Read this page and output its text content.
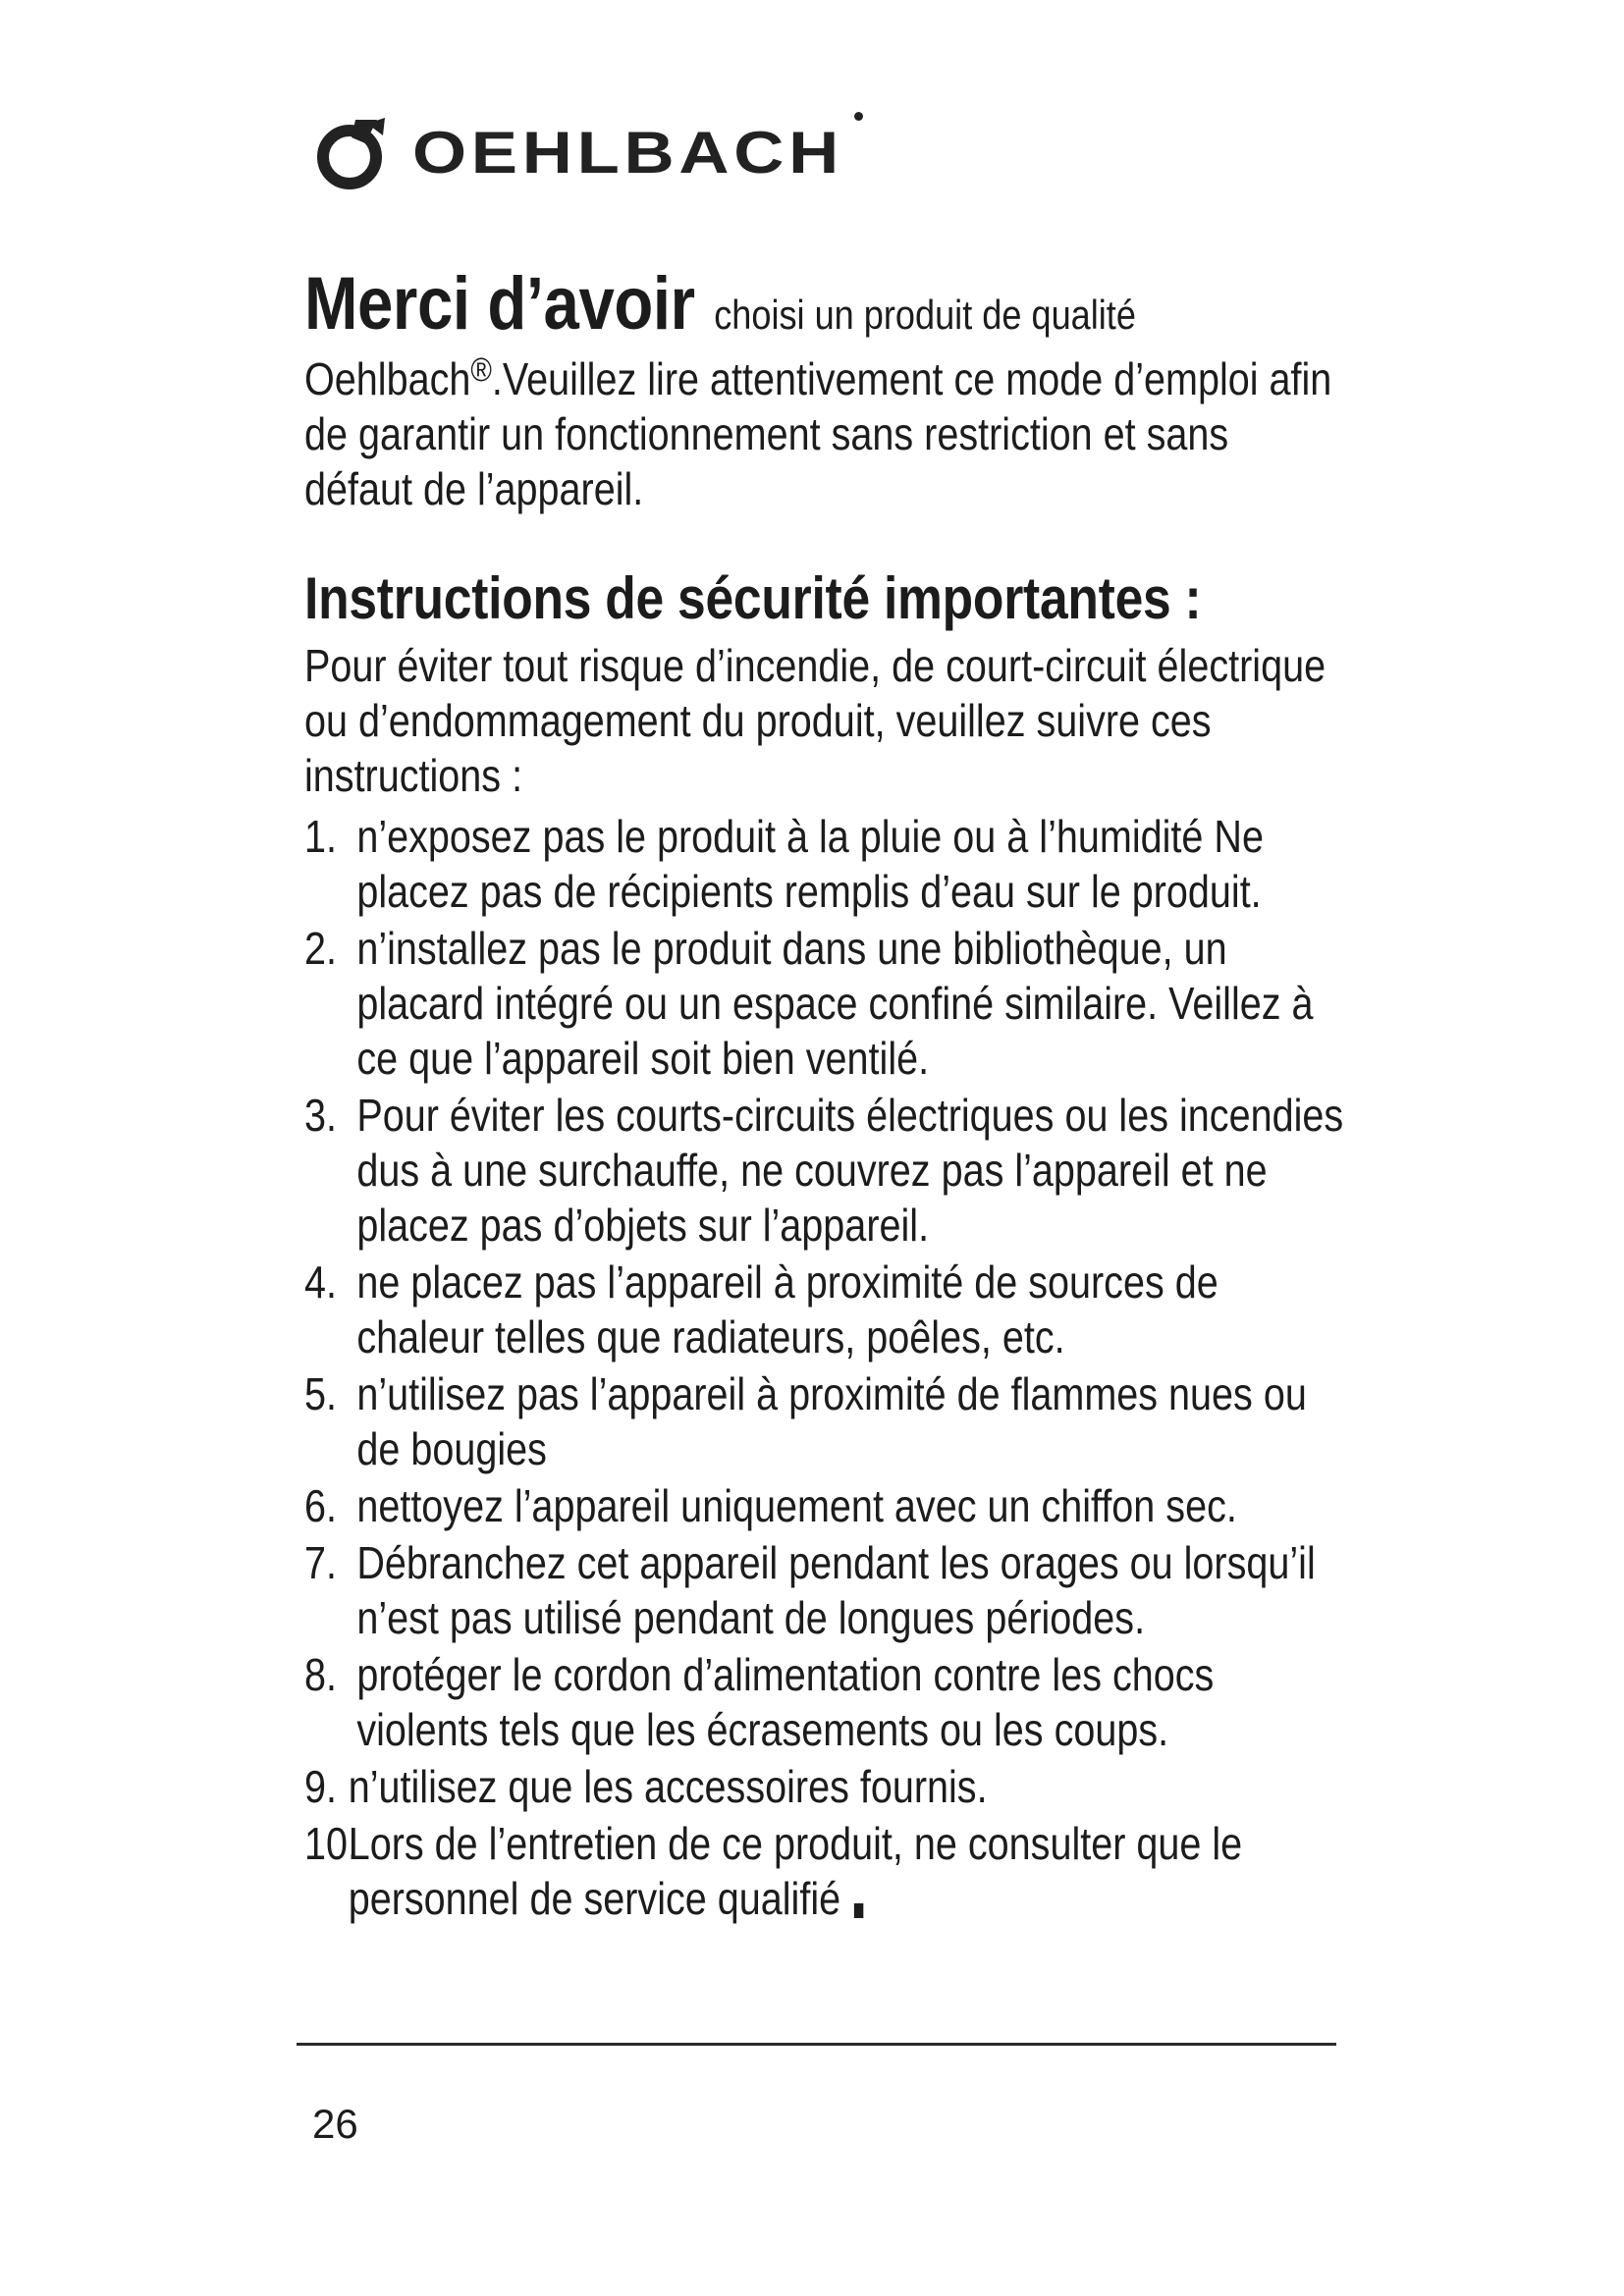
OEHLBACH

Merci d’avoir choisi un produit de qualité
Oehlbach®.Veuillez lire attentivement ce mode d’emploi afin de garantir un fonctionnement sans restriction et sans défaut de l’appareil.

Instructions de sécurité importantes :

Pour éviter tout risque d’incendie, de court-circuit électrique ou d’endommagement du produit, veuillez suivre ces instructions :

1. n’exposez pas le produit à la pluie ou à l’humidité Ne placez pas de récipients remplis d’eau sur le produit.
2. n’installez pas le produit dans une bibliothèque, un placard intégré ou un espace confiné similaire. Veillez à ce que l’appareil soit bien ventilé.
3. Pour éviter les courts-circuits électriques ou les incendies dus à une surchauffe, ne couvrez pas l’appareil et ne placez pas d’objets sur l’appareil.
4. ne placez pas l’appareil à proximité de sources de chaleur telles que radiateurs, poêles, etc.
5. n’utilisez pas l’appareil à proximité de flammes nues ou de bougies
6. nettoyez l’appareil uniquement avec un chiffon sec.
7. Débranchez cet appareil pendant les orages ou lorsqu’il n’est pas utilisé pendant de longues périodes.
8. protéger le cordon d’alimentation contre les chocs violents tels que les écrasements ou les coups.
9. n’utilisez que les accessoires fournis.
10.
Lors de l’entretien de ce produit, ne consulter que le personnel de service qualifié
26
